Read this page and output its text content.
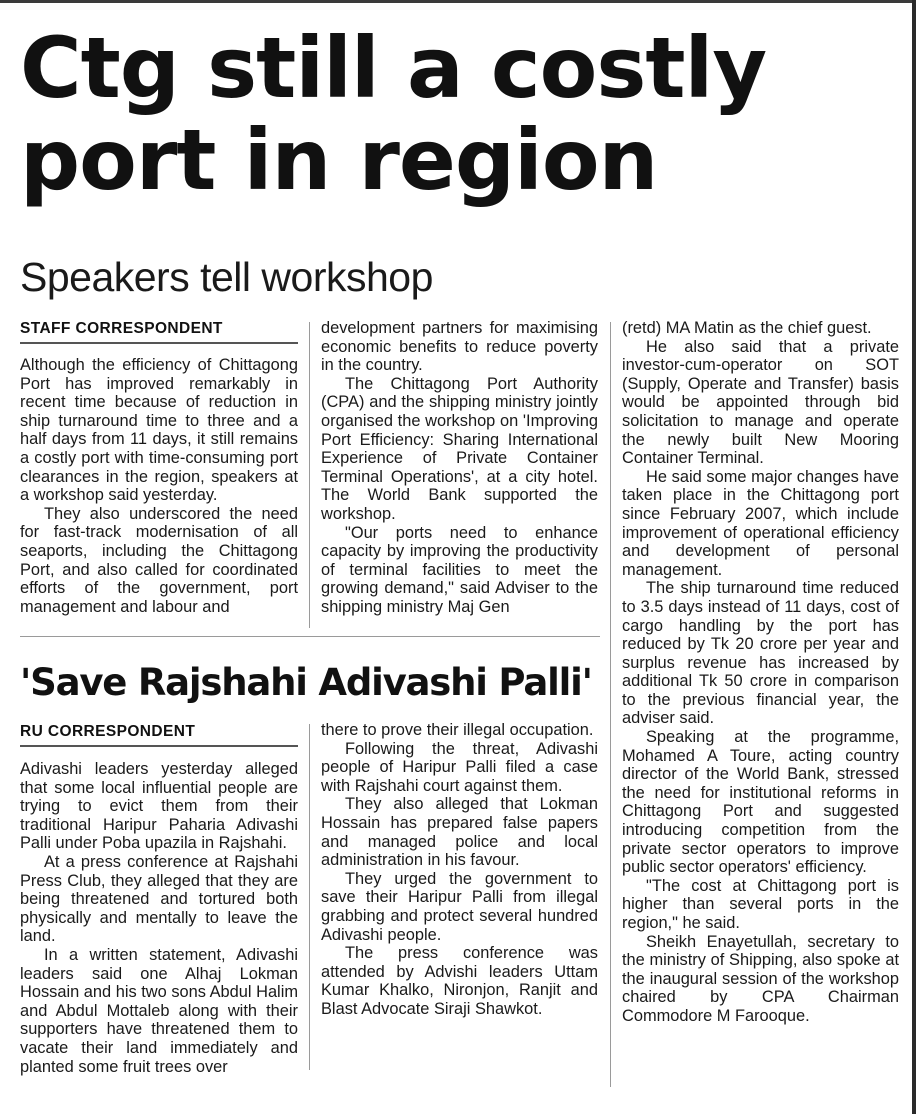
Ctg still a costly port in region
Speakers tell workshop
STAFF CORRESPONDENT

Although the efficiency of Chittagong Port has improved remarkably in recent time because of reduction in ship turnaround time to three and a half days from 11 days, it still remains a costly port with time-consuming port clearances in the region, speakers at a workshop said yesterday.

They also underscored the need for fast-track modernisation of all seaports, including the Chittagong Port, and also called for coordinated efforts of the government, port management and labour and

development partners for maximising economic benefits to reduce poverty in the country.

The Chittagong Port Authority (CPA) and the shipping ministry jointly organised the workshop on 'Improving Port Efficiency: Sharing International Experience of Private Container Terminal Operations', at a city hotel. The World Bank supported the workshop.

"Our ports need to enhance capacity by improving the productivity of terminal facilities to meet the growing demand," said Adviser to the shipping ministry Maj Gen

(retd) MA Matin as the chief guest.

He also said that a private investor-cum-operator on SOT (Supply, Operate and Transfer) basis would be appointed through bid solicitation to manage and operate the newly built New Mooring Container Terminal.

He said some major changes have taken place in the Chittagong port since February 2007, which include improvement of operational efficiency and development of personal management.

The ship turnaround time reduced to 3.5 days instead of 11 days, cost of cargo handling by the port has reduced by Tk 20 crore per year and surplus revenue has increased by additional Tk 50 crore in comparison to the previous financial year, the adviser said.

Speaking at the programme, Mohamed A Toure, acting country director of the World Bank, stressed the need for institutional reforms in Chittagong Port and suggested introducing competition from the private sector operators to improve public sector operators' efficiency.

"The cost at Chittagong port is higher than several ports in the region," he said.

Sheikh Enayetullah, secretary to the ministry of Shipping, also spoke at the inaugural session of the workshop chaired by CPA Chairman Commodore M Farooque.

'Save Rajshahi Adivashi Palli'
RU CORRESPONDENT

Adivashi leaders yesterday alleged that some local influential people are trying to evict them from their traditional Haripur Paharia Adivashi Palli under Poba upazila in Rajshahi.

At a press conference at Rajshahi Press Club, they alleged that they are being threatened and tortured both physically and mentally to leave the land.

In a written statement, Adivashi leaders said one Alhaj Lokman Hossain and his two sons Abdul Halim and Abdul Mottaleb along with their supporters have threatened them to vacate their land immediately and planted some fruit trees over

there to prove their illegal occupation.

Following the threat, Adivashi people of Haripur Palli filed a case with Rajshahi court against them.

They also alleged that Lokman Hossain has prepared false papers and managed police and local administration in his favour.

They urged the government to save their Haripur Palli from illegal grabbing and protect several hundred Adivashi people.

The press conference was attended by Advishi leaders Uttam Kumar Khalko, Nironjon, Ranjit and Blast Advocate Siraji Shawkot.
